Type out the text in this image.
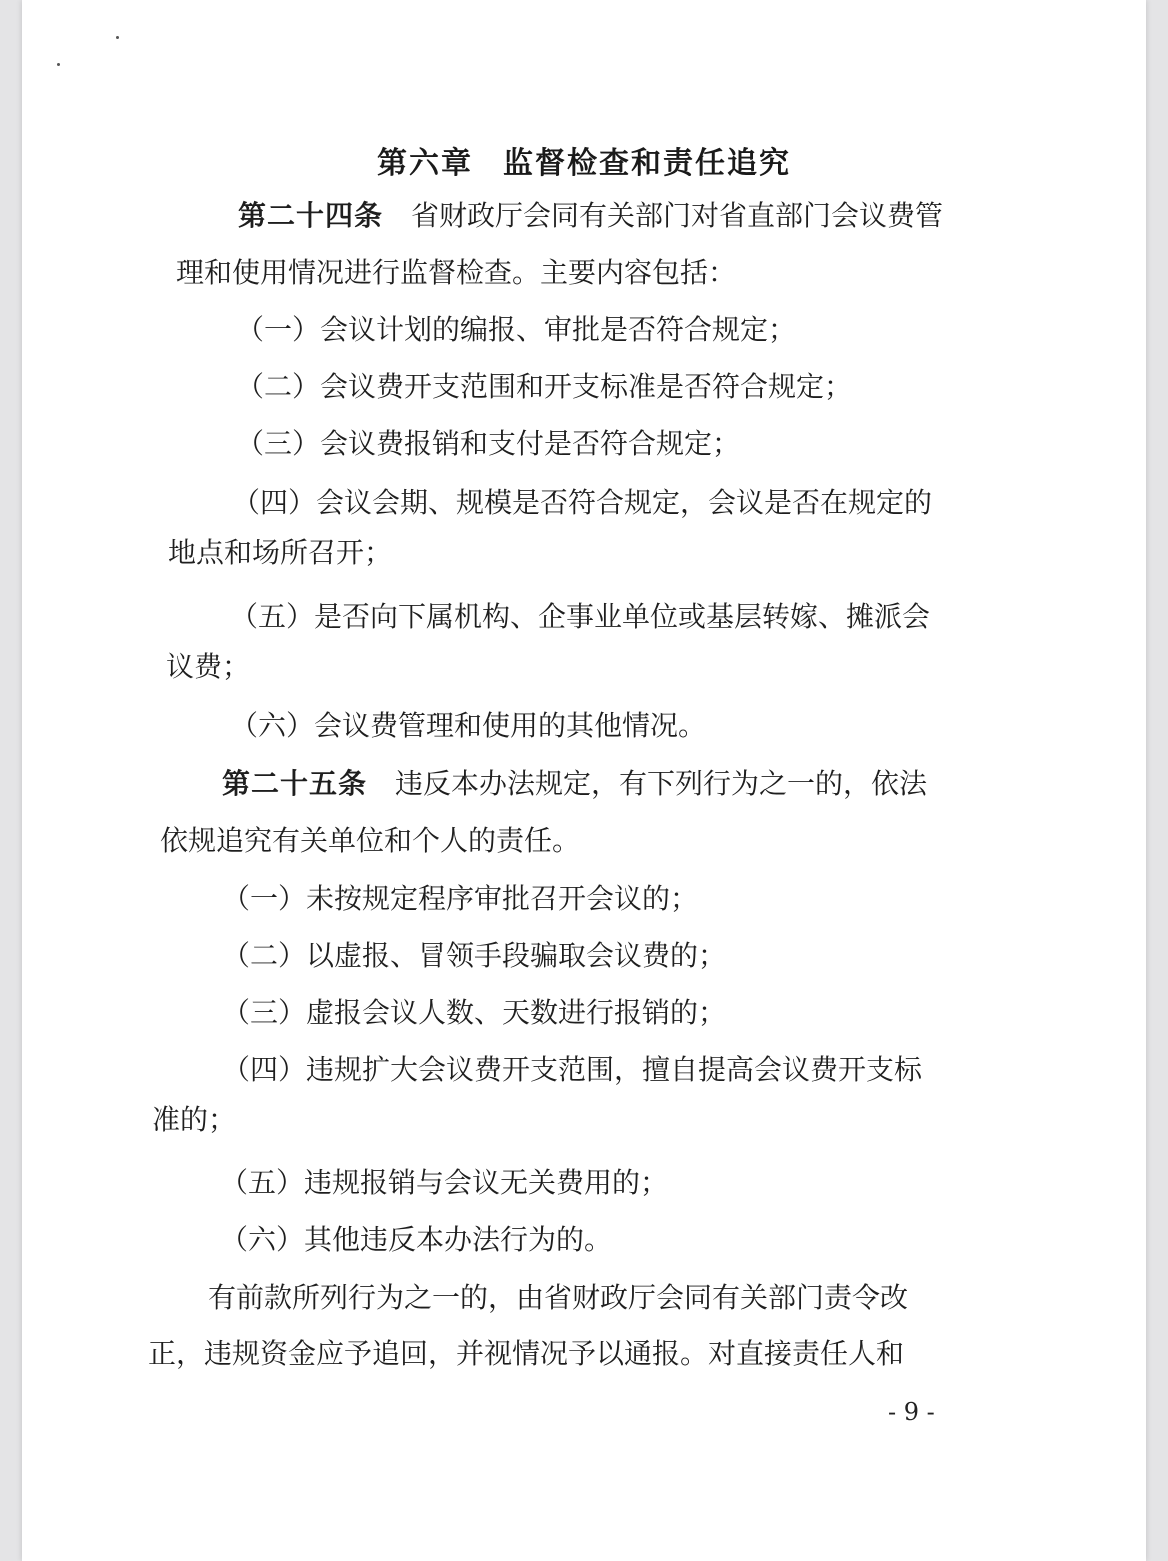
第六章 监督检查和责任追究
第二十四条 省财政厅会同有关部门对省直部门会议费管
理和使用情况进行监督检查。主要内容包括：
（一）会议计划的编报、审批是否符合规定；
（二）会议费开支范围和开支标准是否符合规定；
（三）会议费报销和支付是否符合规定；
（四）会议会期、规模是否符合规定，会议是否在规定的
地点和场所召开；
（五）是否向下属机构、企事业单位或基层转嫁、摊派会
议费；
（六）会议费管理和使用的其他情况。
第二十五条 违反本办法规定，有下列行为之一的，依法
依规追究有关单位和个人的责任。
（一）未按规定程序审批召开会议的；
（二）以虚报、冒领手段骗取会议费的；
（三）虚报会议人数、天数进行报销的；
（四）违规扩大会议费开支范围，擅自提高会议费开支标
准的；
（五）违规报销与会议无关费用的；
（六）其他违反本办法行为的。
有前款所列行为之一的，由省财政厅会同有关部门责令改
正，违规资金应予追回，并视情况予以通报。对直接责任人和
- 9 -
